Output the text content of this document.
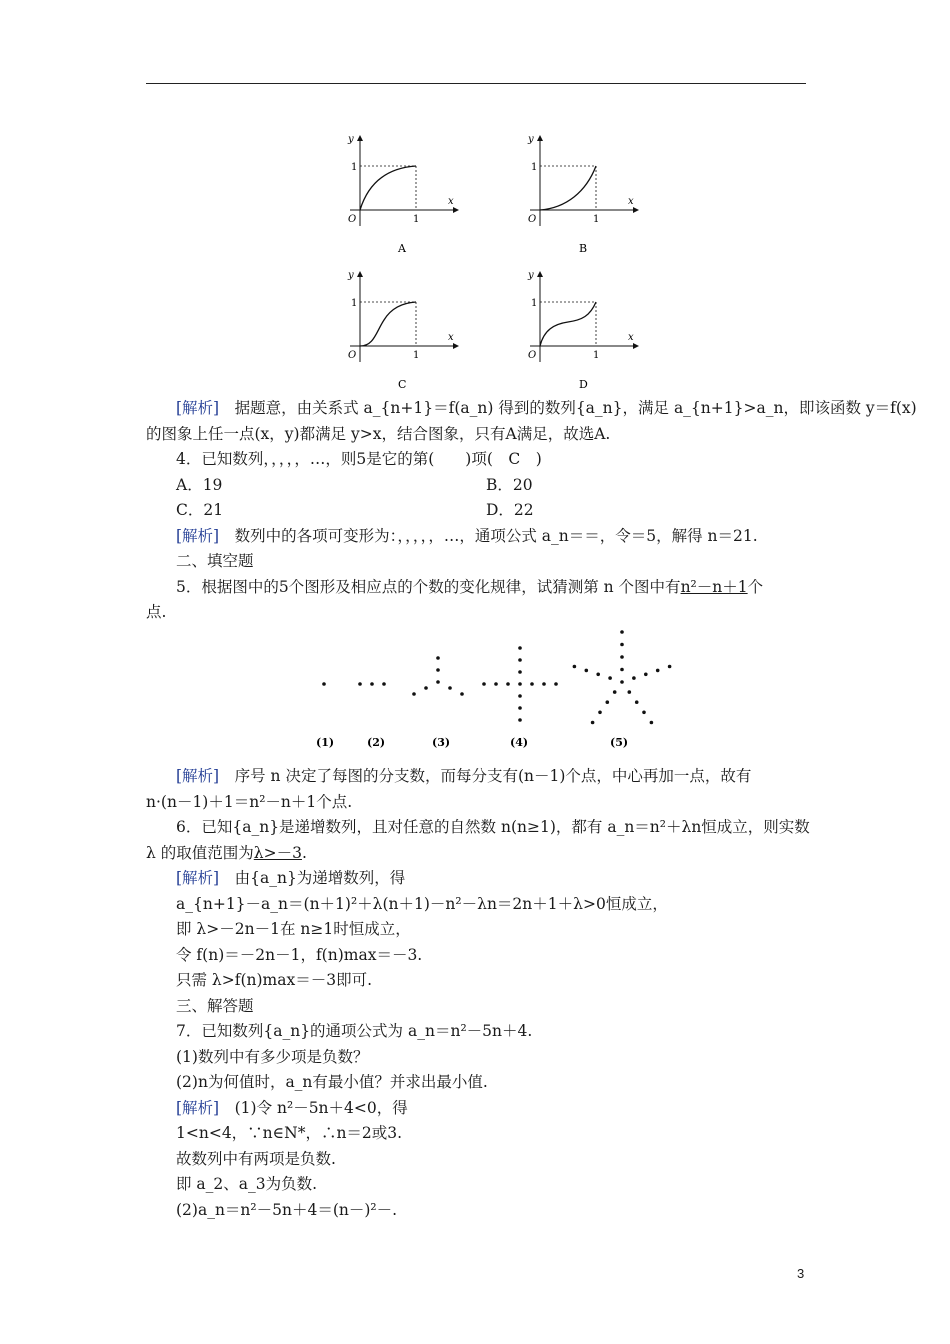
y
x
O
1
1
A
y
x
O
1
1
B
y
x
O
1
1
C
y
x
O
1
1
D
[解析]　据题意，由关系式 a_{n+1}＝f(a_n) 得到的数列{a_n}，满足 a_{n+1}>a_n，即该函数 y＝f(x)
的图象上任一点(x，y)都满足 y>x，结合图象，只有A满足，故选A.
4．已知数列，，，，，…，则5是它的第(　　)项(　C　)
A．19	B．20
C．21	D．22
[解析]　数列中的各项可变形为：，，，，，…，通项公式 a_n＝＝，令＝5，解得 n＝21.
二、填空题
5．根据图中的5个图形及相应点的个数的变化规律，试猜测第 n 个图中有n²－n＋1个
点.
(1)	(2)	(3)	(4)	(5)
[解析]　序号 n 决定了每图的分支数，而每分支有(n－1)个点，中心再加一点，故有
n·(n－1)＋1＝n²－n＋1个点.
6．已知{a_n}是递增数列，且对任意的自然数 n(n≥1)，都有 a_n＝n²＋λn恒成立，则实数
λ 的取值范围为λ>－3.
[解析]　由{a_n}为递增数列，得
a_{n+1}－a_n＝(n＋1)²＋λ(n＋1)－n²－λn＝2n＋1＋λ>0恒成立，
即 λ>－2n－1在 n≥1时恒成立，
令 f(n)＝－2n－1，f(n)max＝－3.
只需 λ>f(n)max＝－3即可.
三、解答题
7．已知数列{a_n}的通项公式为 a_n＝n²－5n＋4.
(1)数列中有多少项是负数？
(2)n为何值时，a_n有最小值？并求出最小值.
[解析]　(1)令 n²－5n＋4<0，得
1<n<4，∵n∈N*，∴n＝2或3.
故数列中有两项是负数.
即 a_2、a_3为负数.
(2)a_n＝n²－5n＋4＝(n－)²－.
3
